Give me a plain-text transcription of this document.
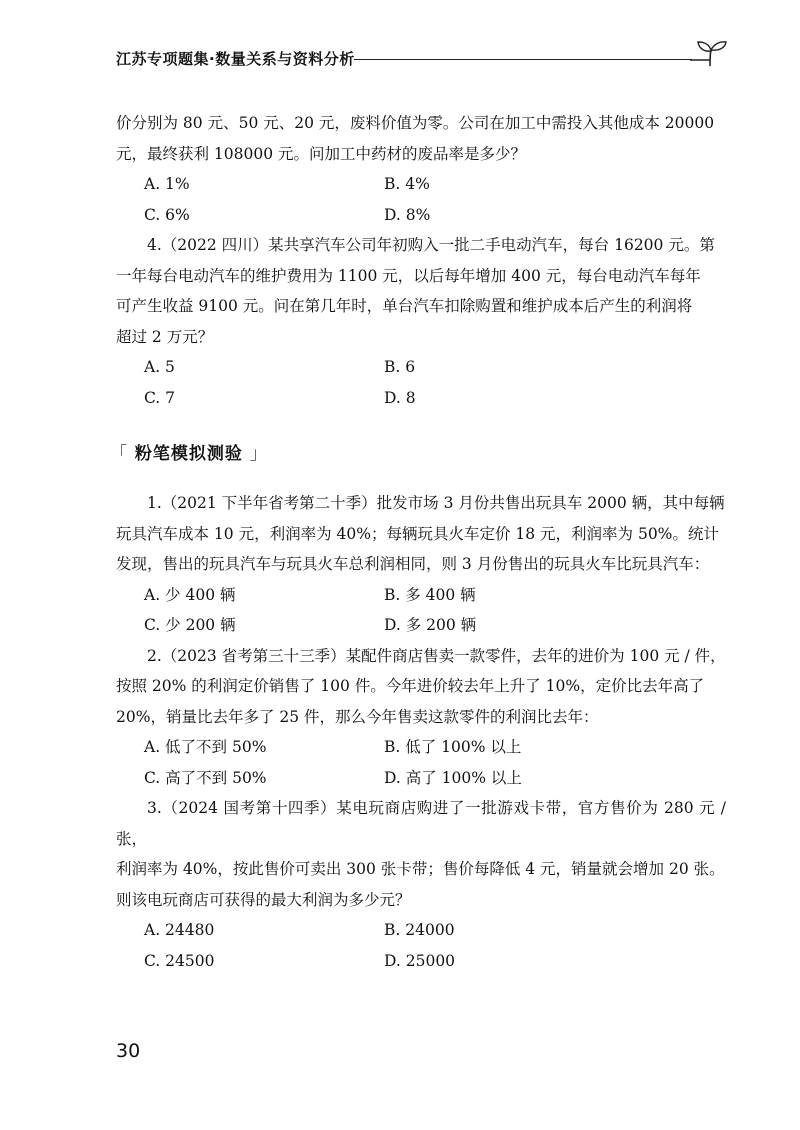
江苏专项题集·数量关系与资料分析

价分别为 80 元、50 元、20 元，废料价值为零。公司在加工中需投入其他成本 20000

元，最终获利 108000 元。问加工中药材的废品率是多少？

A. 1%	B. 4%
C. 6%	D. 8%

4.（2022 四川）某共享汽车公司年初购入一批二手电动汽车，每台 16200 元。第

一年每台电动汽车的维护费用为 1100 元，以后每年增加 400 元，每台电动汽车每年

可产生收益 9100 元。问在第几年时，单台汽车扣除购置和维护成本后产生的利润将

超过 2 万元？

A. 5	B. 6
C. 7	D. 8
「 粉笔模拟测验 」

1.（2021 下半年省考第二十季）批发市场 3 月份共售出玩具车 2000 辆，其中每辆

玩具汽车成本 10 元，利润率为 40%；每辆玩具火车定价 18 元，利润率为 50%。统计

发现，售出的玩具汽车与玩具火车总利润相同，则 3 月份售出的玩具火车比玩具汽车：

A. 少 400 辆	B. 多 400 辆
C. 少 200 辆	D. 多 200 辆

2.（2023 省考第三十三季）某配件商店售卖一款零件，去年的进价为 100 元 / 件，

按照 20% 的利润定价销售了 100 件。今年进价较去年上升了 10%，定价比去年高了

20%，销量比去年多了 25 件，那么今年售卖这款零件的利润比去年：

A. 低了不到 50%	B. 低了 100% 以上
C. 高了不到 50%	D. 高了 100% 以上

3.（2024 国考第十四季）某电玩商店购进了一批游戏卡带，官方售价为 280 元 / 张，

利润率为 40%，按此售价可卖出 300 张卡带；售价每降低 4 元，销量就会增加 20 张。

则该电玩商店可获得的最大利润为多少元？

A. 24480	B. 24000
C. 24500	D. 25000
30
